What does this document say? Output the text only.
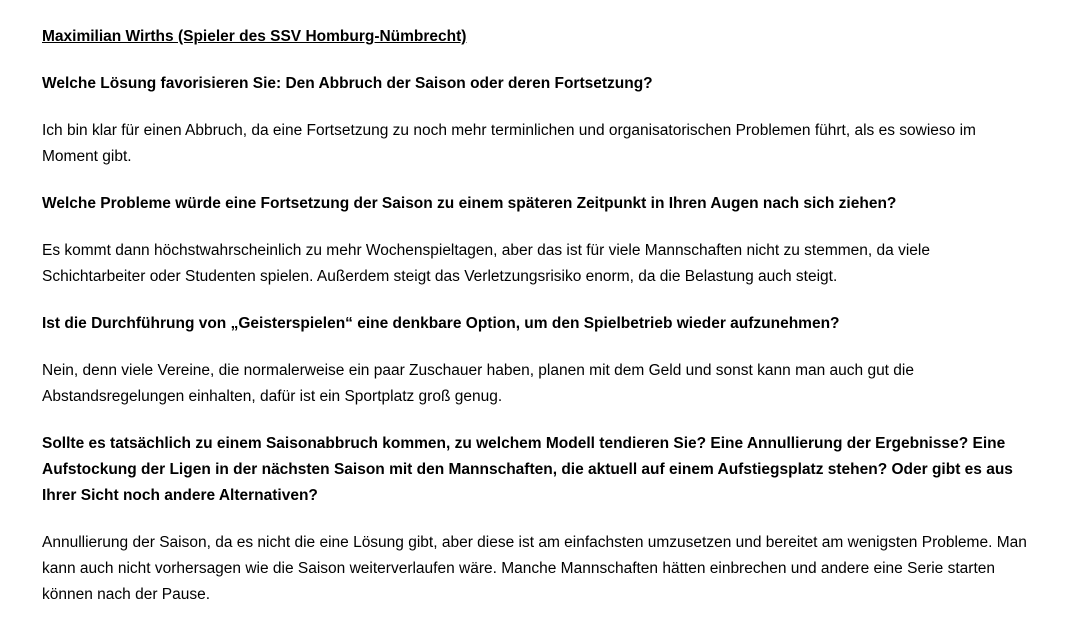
Maximilian Wirths (Spieler des SSV Homburg-Nümbrecht)

Welche Lösung favorisieren Sie: Den Abbruch der Saison oder deren Fortsetzung?

Ich bin klar für einen Abbruch, da eine Fortsetzung zu noch mehr terminlichen und organisatorischen Problemen führt, als es sowieso im Moment gibt.

Welche Probleme würde eine Fortsetzung der Saison zu einem späteren Zeitpunkt in Ihren Augen nach sich ziehen?

Es kommt dann höchstwahrscheinlich zu mehr Wochenspieltagen, aber das ist für viele Mannschaften nicht zu stemmen, da viele Schichtarbeiter oder Studenten spielen. Außerdem steigt das Verletzungsrisiko enorm, da die Belastung auch steigt.

Ist die Durchführung von „Geisterspielen“ eine denkbare Option, um den Spielbetrieb wieder aufzunehmen?

Nein, denn viele Vereine, die normalerweise ein paar Zuschauer haben, planen mit dem Geld und sonst kann man auch gut die Abstandsregelungen einhalten, dafür ist ein Sportplatz groß genug.

Sollte es tatsächlich zu einem Saisonabbruch kommen, zu welchem Modell tendieren Sie? Eine Annullierung der Ergebnisse? Eine Aufstockung der Ligen in der nächsten Saison mit den Mannschaften, die aktuell auf einem Aufstiegsplatz stehen? Oder gibt es aus Ihrer Sicht noch andere Alternativen?

Annullierung der Saison, da es nicht die eine Lösung gibt, aber diese ist am einfachsten umzusetzen und bereitet am wenigsten Probleme. Man kann auch nicht vorhersagen wie die Saison weiterverlaufen wäre. Manche Mannschaften hätten einbrechen und andere eine Serie starten können nach der Pause.
